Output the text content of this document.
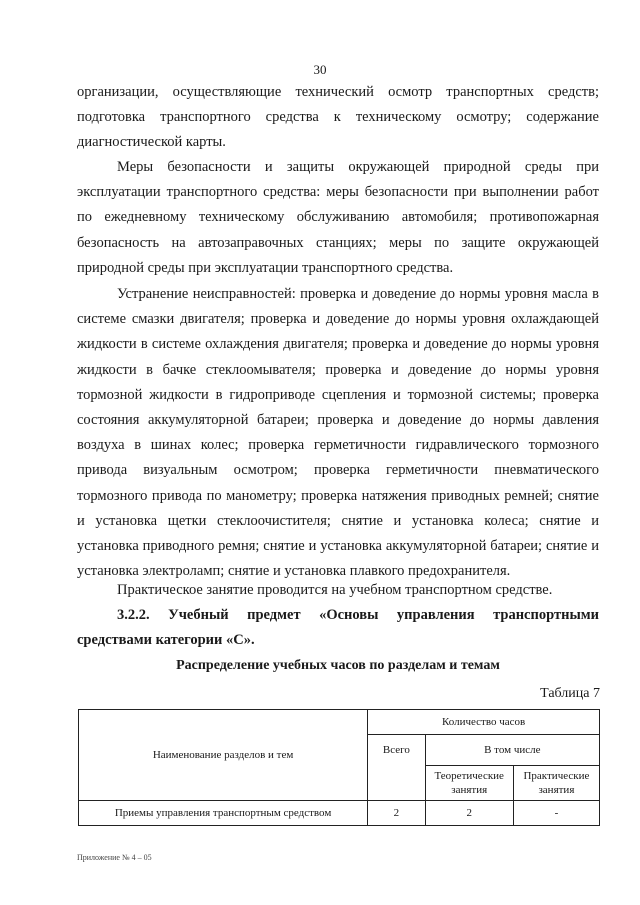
30

организации, осуществляющие технический осмотр транспортных средств; подготовка транспортного средства к техническому осмотру; содержание диагностической карты.

Меры безопасности и защиты окружающей природной среды при эксплуатации транспортного средства: меры безопасности при выполнении работ по ежедневному техническому обслуживанию автомобиля; противопожарная безопасность на автозаправочных станциях; меры по защите окружающей природной среды при эксплуатации транспортного средства.

Устранение неисправностей: проверка и доведение до нормы уровня масла в системе смазки двигателя; проверка и доведение до нормы уровня охлаждающей жидкости в системе охлаждения двигателя; проверка и доведение до нормы уровня жидкости в бачке стеклоомывателя; проверка и доведение до нормы уровня тормозной жидкости в гидроприводе сцепления и тормозной системы; проверка состояния аккумуляторной батареи; проверка и доведение до нормы давления воздуха в шинах колес; проверка герметичности гидравлического тормозного привода визуальным осмотром; проверка герметичности пневматического тормозного привода по манометру; проверка натяжения приводных ремней; снятие и установка щетки стеклоочистителя; снятие и установка колеса; снятие и установка приводного ремня; снятие и установка аккумуляторной батареи; снятие и установка электроламп; снятие и установка плавкого предохранителя.

Практическое занятие проводится на учебном транспортном средстве.

3.2.2. Учебный предмет «Основы управления транспортными средствами категории «С».

Распределение учебных часов по разделам и темам
Таблица 7
Наименование разделов и тем	Количество часов		
	Всего	В том числе	
		Теоретические занятия	Практические занятия
Приемы управления транспортным средством	2	2	-
Приложение № 4 – 05
